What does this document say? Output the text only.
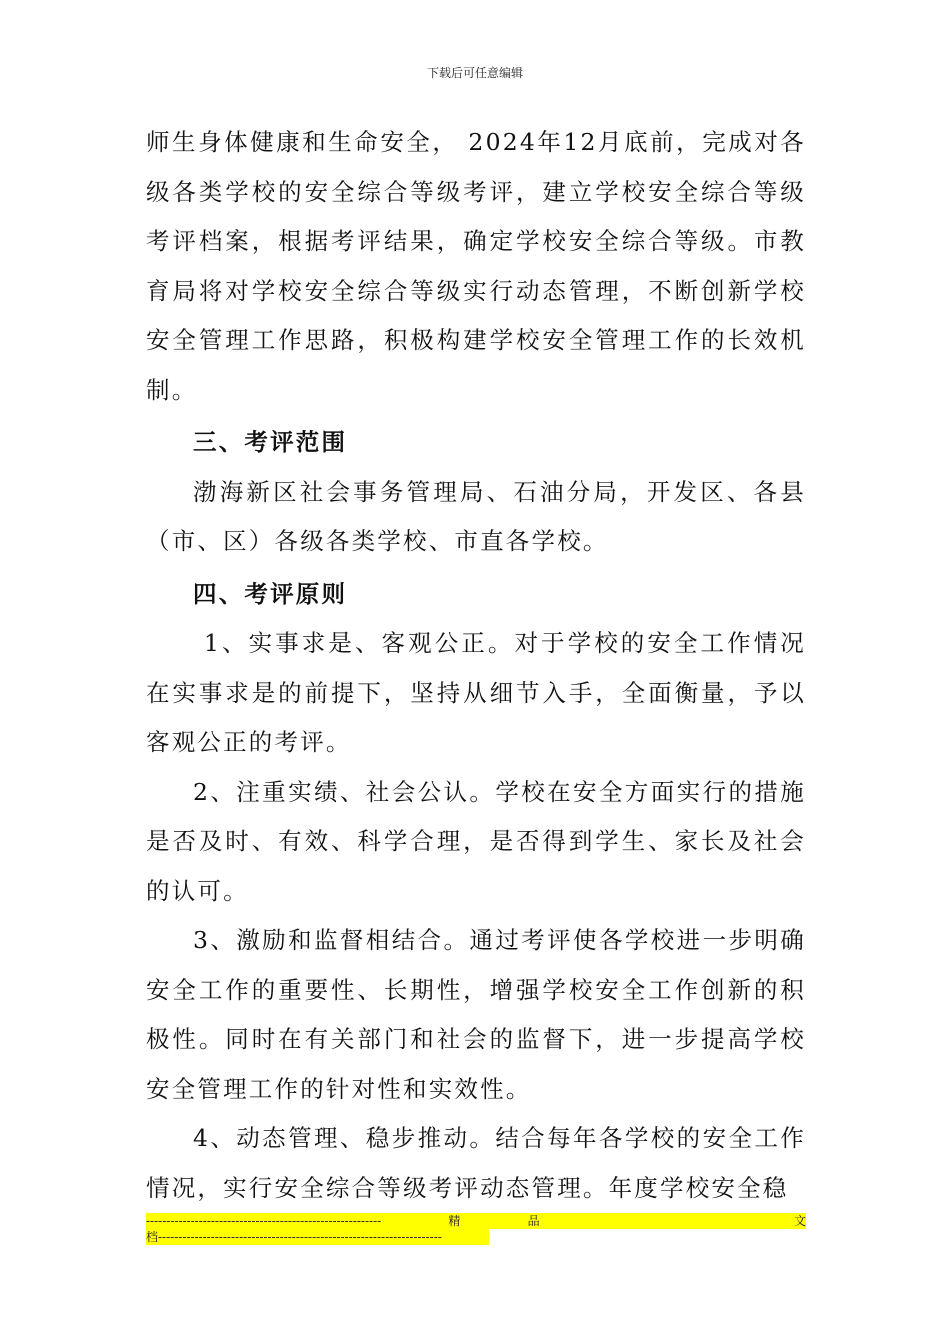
下载后可任意编辑

师生身体健康和生命安全， 2024年12月底前，完成对各级各类学校的安全综合等级考评，建立学校安全综合等级考评档案，根据考评结果，确定学校安全综合等级。市教育局将对学校安全综合等级实行动态管理，不断创新学校安全管理工作思路，积极构建学校安全管理工作的长效机制。

三、考评范围

渤海新区社会事务管理局、石油分局，开发区、各县（市、区）各级各类学校、市直各学校。

四、考评原则

1、实事求是、客观公正。对于学校的安全工作情况在实事求是的前提下，坚持从细节入手，全面衡量，予以客观公正的考评。

2、注重实绩、社会公认。学校在安全方面实行的措施是否及时、有效、科学合理，是否得到学生、家长及社会的认可。

3、激励和监督相结合。通过考评使各学校进一步明确安全工作的重要性、长期性，增强学校安全工作创新的积极性。同时在有关部门和社会的监督下，进一步提高学校安全管理工作的针对性和实效性。

4、动态管理、稳步推动。结合每年各学校的安全工作情况，实行安全综合等级考评动态管理。年度学校安全稳

----------------------------------------------------------	精	品	文
档----------------------------------------------------------------------
